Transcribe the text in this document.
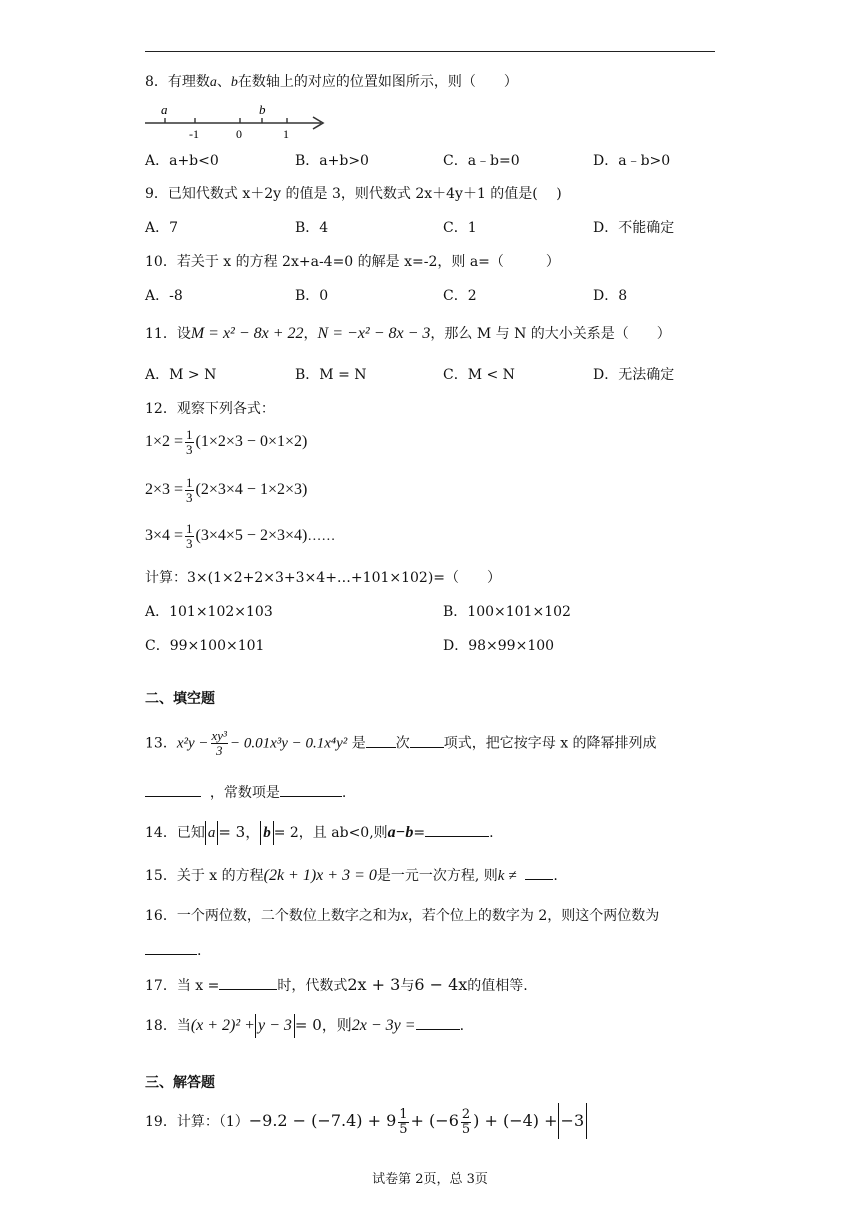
8．有理数a、b在数轴上的对应的位置如图所示，则（　　）
a	b
-1	0	1
A．a+b<0	B．a+b>0	C．a﹣b=0	D．a﹣b>0
9．已知代数式 x＋2y 的值是 3，则代数式 2x＋4y＋1 的值是(　 )
A．7	B．4	C．1	D．不能确定
10．若关于 x 的方程 2x+a-4=0 的解是 x=-2，则 a=（　　　）
A．-8	B．0	C．2	D．8
11．设M = x² − 8x + 22，N = −x² − 8x − 3，那么 M 与 N 的大小关系是（　　）
A．M > N	B．M = N	C．M < N	D．无法确定
12．观察下列各式：
$1\times 2 = \frac{1}{3} (1\times 2\times 3 - 0\times 1\times 2)$
$2\times 3 = \frac{1}{3} (2\times 3\times 4 - 1\times 2\times 3)$
$3\times 4 = \frac{1}{3} (3\times 4\times 5$ − 2×3×4)……
计算：3×(1×2+2×3+3×4+…+101×102)=（　　）
A．101×102×103	B．100×101×102
C．99×100×101	D．98×99×100
二、填空题
13．$x^2y - \frac{\text{xy³}}{3} - 0.01x^3y - 0.1x^4y^2$ 是 次 项式，把它按字母 x 的降幂排列成
，常数项是	.
14．已知 a = 3， b = 2，且 ab<0,则a−b=	.
15．关于 x 的方程(2k + 1)x + 3 = 0是一元一次方程, 则k ≠	.
16．一个两位数，二个数位上数字之和为x，若个位上的数字为 2，则这个两位数为
.
17．当 x =	时，代数式2x + 3与6 − 4x的值相等.
18．当(x + 2)² + y − 3 = 0，则2x − 3y =	.
三、解答题
19．计算：$(1)-9.2 - (-7.4) + 9 \frac{1}{5} + (-6 \frac{2}{5}$ ) + (−4) + −3
试卷第 2页，总 3页
